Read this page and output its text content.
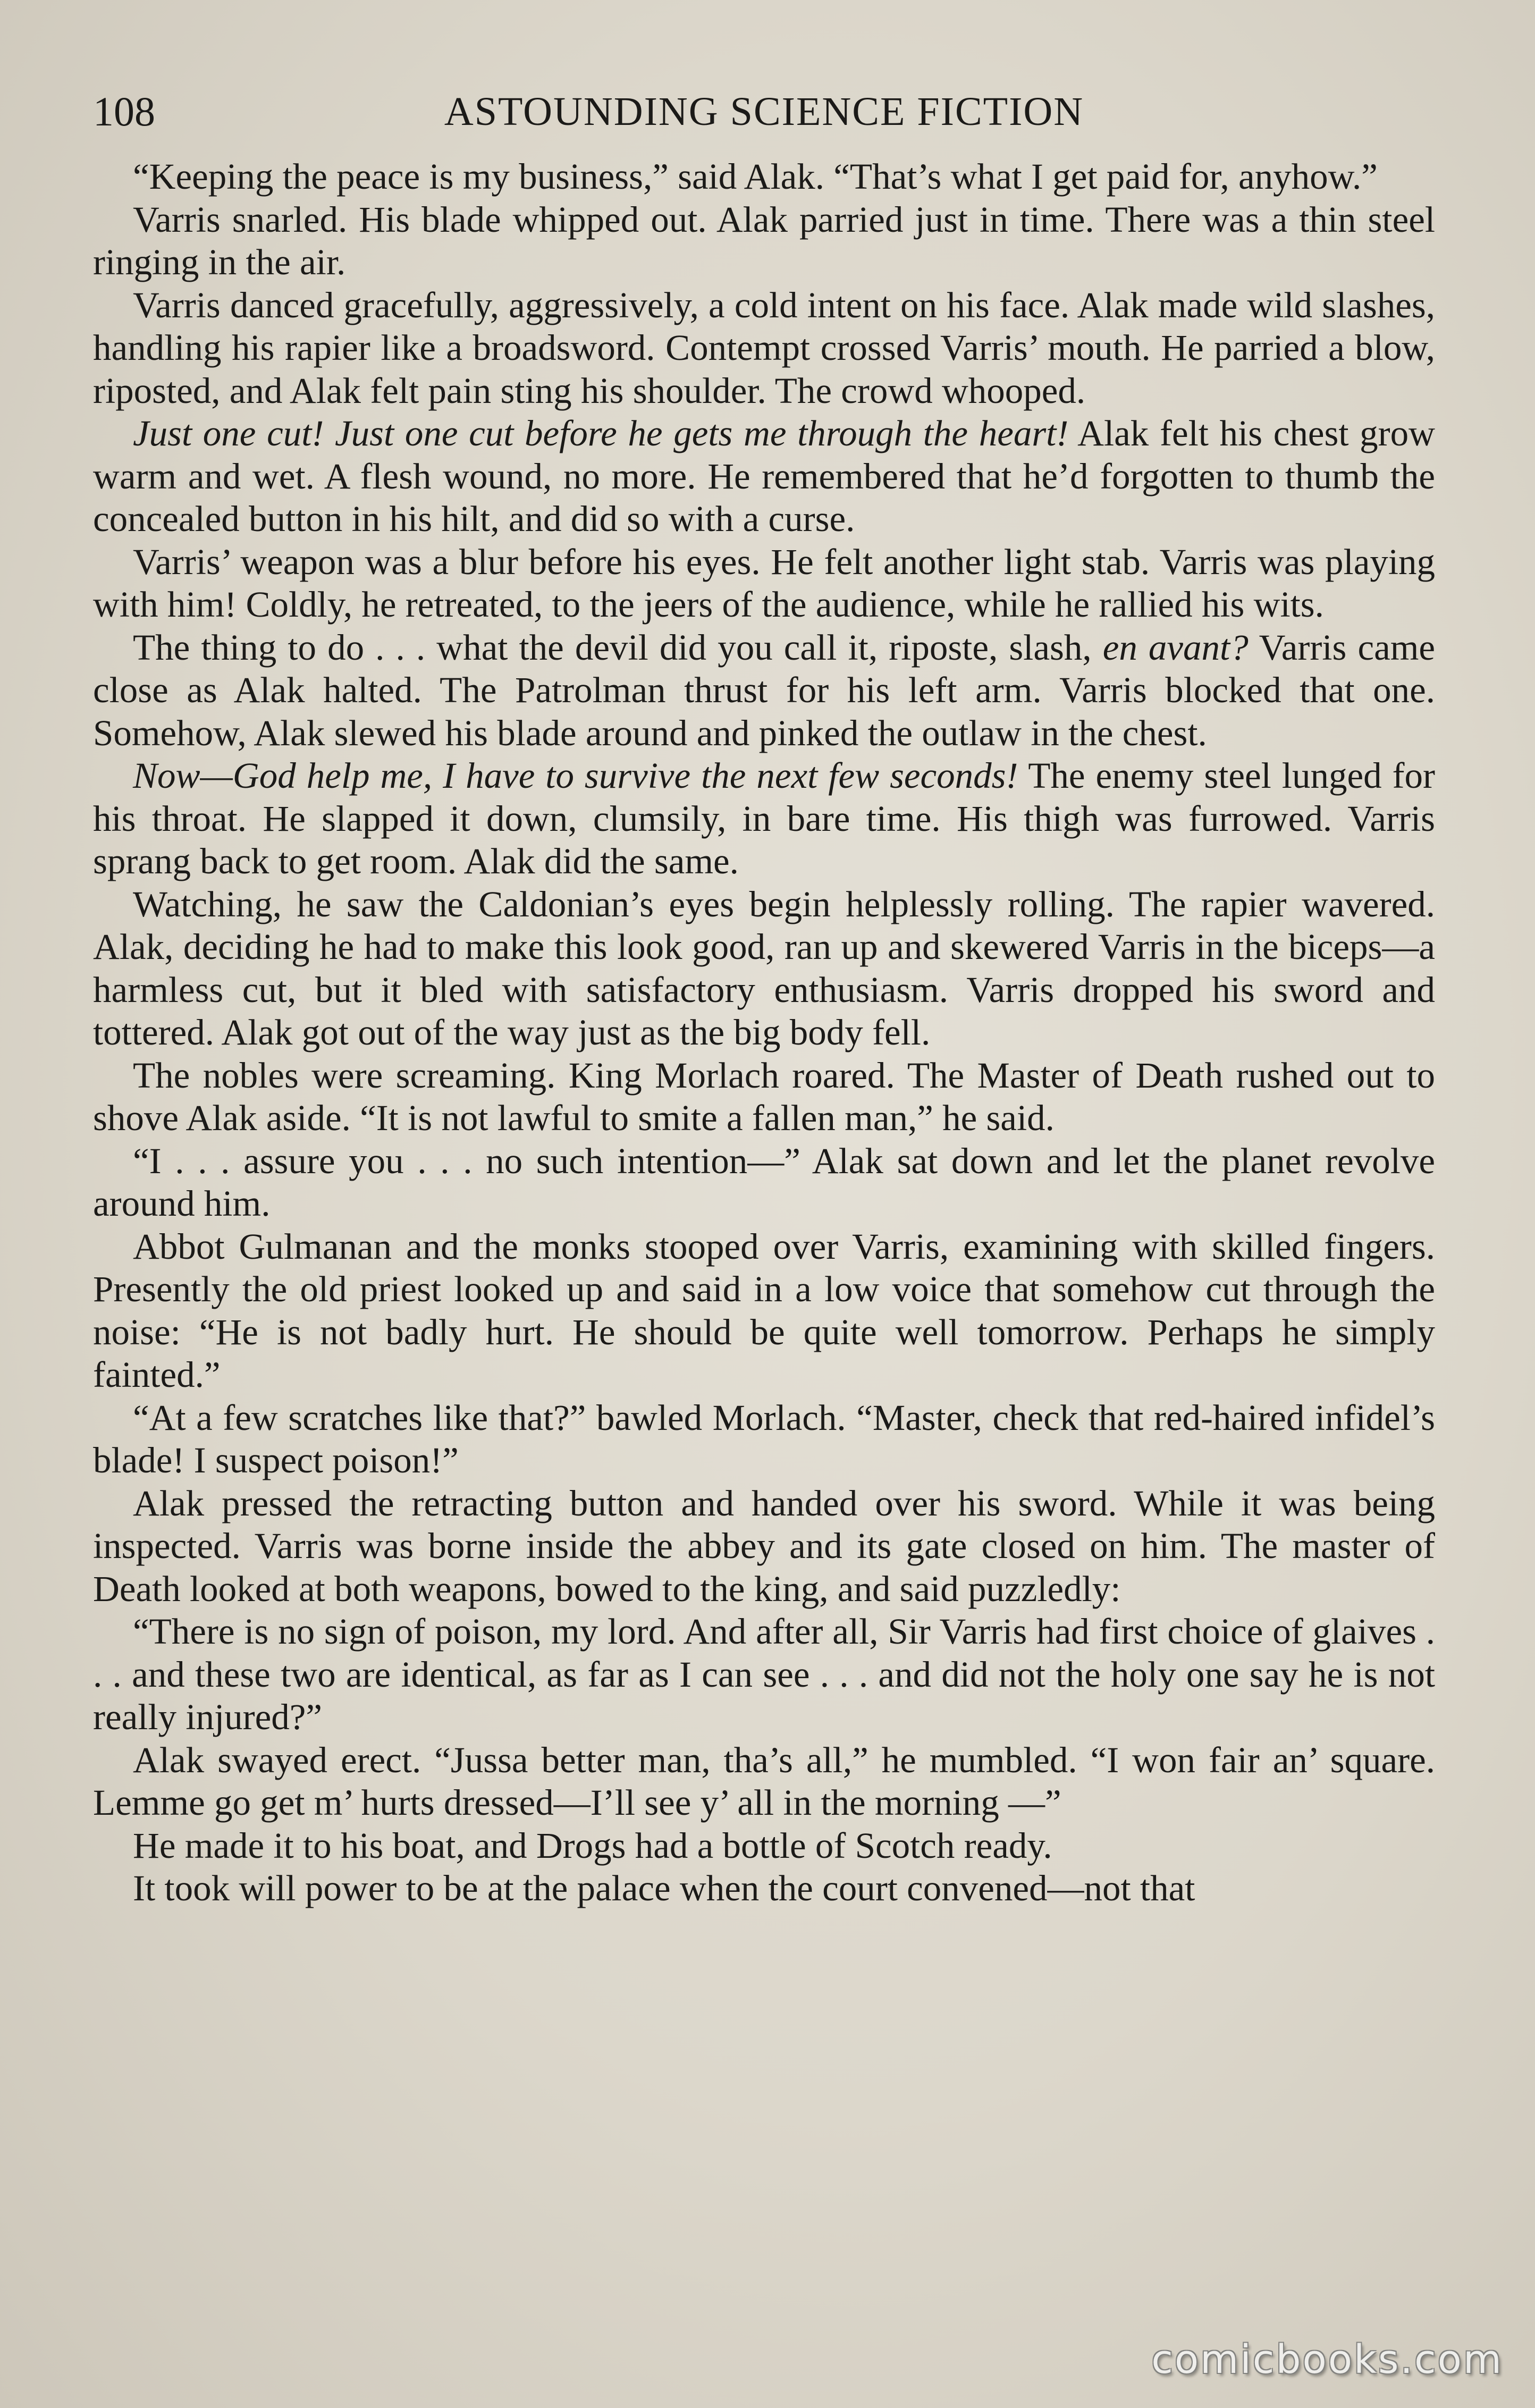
108	ASTOUNDING SCIENCE FICTION

“Keeping the peace is my business,” said Alak. “That’s what I get paid for, anyhow.”

Varris snarled. His blade whipped out. Alak parried just in time. There was a thin steel ringing in the air.

Varris danced gracefully, aggressively, a cold intent on his face. Alak made wild slashes, handling his rapier like a broadsword. Contempt crossed Varris’ mouth. He parried a blow, riposted, and Alak felt pain sting his shoulder. The crowd whooped.

Just one cut! Just one cut before he gets me through the heart! Alak felt his chest grow warm and wet. A flesh wound, no more. He remembered that he’d forgotten to thumb the concealed button in his hilt, and did so with a curse.

Varris’ weapon was a blur before his eyes. He felt another light stab. Varris was playing with him! Coldly, he retreated, to the jeers of the audience, while he rallied his wits.

The thing to do . . . what the devil did you call it, riposte, slash, en avant? Varris came close as Alak halted. The Patrolman thrust for his left arm. Varris blocked that one. Somehow, Alak slewed his blade around and pinked the outlaw in the chest.

Now—God help me, I have to survive the next few seconds! The enemy steel lunged for his throat. He slapped it down, clumsily, in bare time. His thigh was furrowed. Varris sprang back to get room. Alak did the same.

Watching, he saw the Caldonian’s eyes begin helplessly rolling. The rapier wavered. Alak, deciding he had to make this look good, ran up and skewered Varris in the biceps—a harmless cut, but it bled with satisfactory enthusiasm. Varris dropped his sword and tottered. Alak got out of the way just as the big body fell.

The nobles were screaming. King Morlach roared. The Master of Death rushed out to shove Alak aside. “It is not lawful to smite a fallen man,” he said.

“I . . . assure you . . . no such intention—” Alak sat down and let the planet revolve around him.

Abbot Gulmanan and the monks stooped over Varris, examining with skilled fingers. Presently the old priest looked up and said in a low voice that somehow cut through the noise: “He is not badly hurt. He should be quite well tomorrow. Perhaps he simply fainted.”

“At a few scratches like that?” bawled Morlach. “Master, check that red-haired infidel’s blade! I suspect poison!”

Alak pressed the retracting button and handed over his sword. While it was being inspected. Varris was borne inside the abbey and its gate closed on him. The master of Death looked at both weapons, bowed to the king, and said puzzledly:

“There is no sign of poison, my lord. And after all, Sir Varris had first choice of glaives . . . and these two are identical, as far as I can see . . . and did not the holy one say he is not really injured?”

Alak swayed erect. “Jussa better man, tha’s all,” he mumbled. “I won fair an’ square. Lemme go get m’ hurts dressed—I’ll see y’ all in the morning —”

He made it to his boat, and Drogs had a bottle of Scotch ready.

It took will power to be at the palace when the court convened—not that

comicbooks.com
